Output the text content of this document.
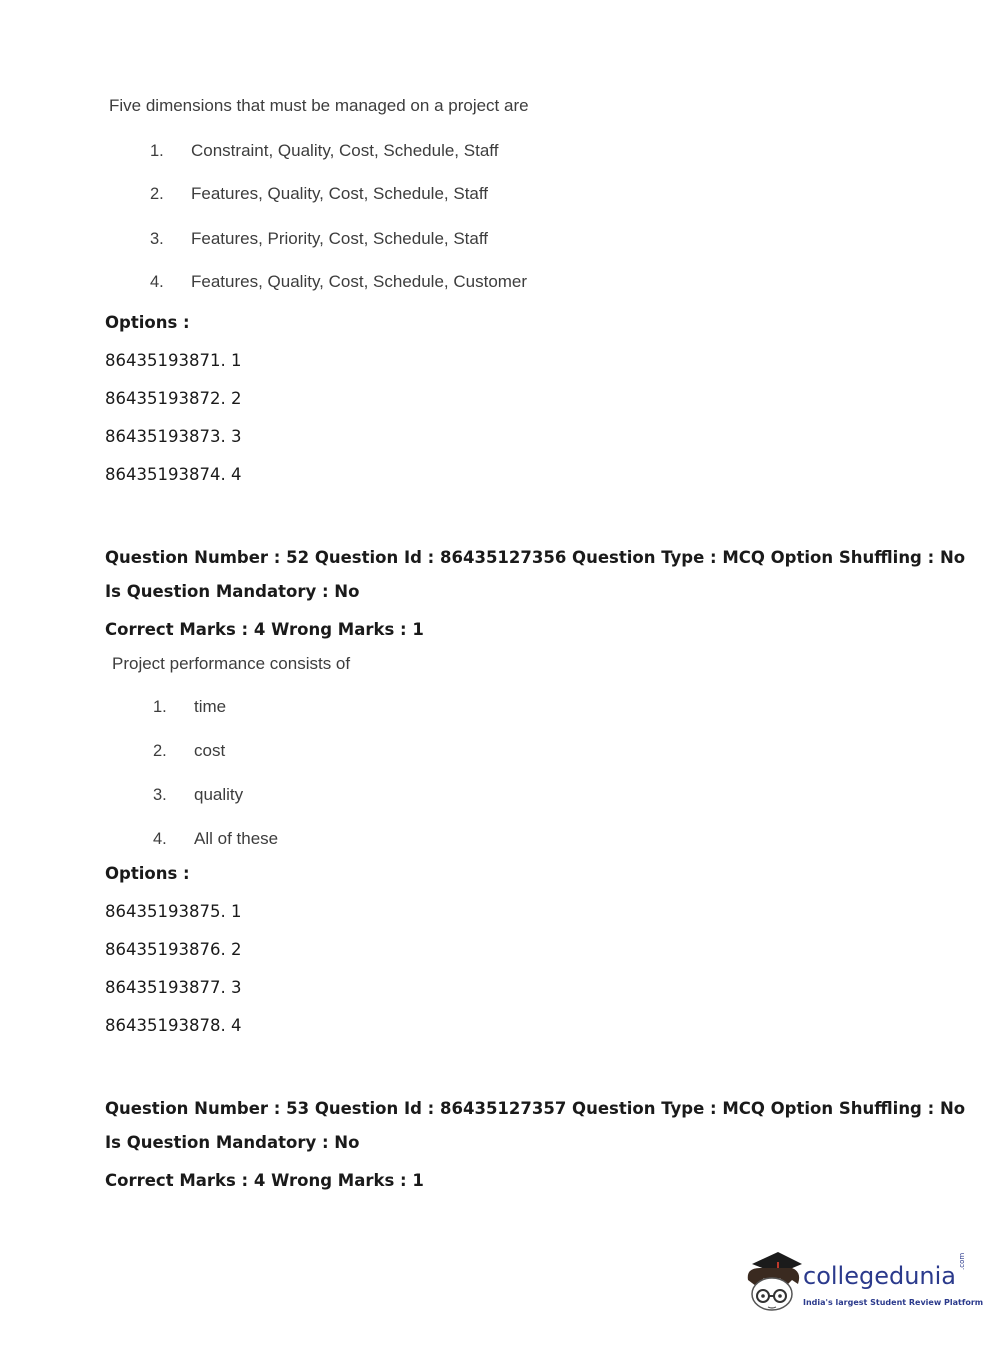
Five dimensions that must be managed on a project are
1. Constraint, Quality, Cost, Schedule, Staff
2. Features, Quality, Cost, Schedule, Staff
3. Features, Priority, Cost, Schedule, Staff
4. Features, Quality, Cost, Schedule, Customer
Options :
86435193871. 1
86435193872. 2
86435193873. 3
86435193874. 4
Question Number : 52 Question Id : 86435127356 Question Type : MCQ Option Shuffling : No
Is Question Mandatory : No
Correct Marks : 4 Wrong Marks : 1
Project performance consists of
1. time
2. cost
3. quality
4. All of these
Options :
86435193875. 1
86435193876. 2
86435193877. 3
86435193878. 4
Question Number : 53 Question Id : 86435127357 Question Type : MCQ Option Shuffling : No
Is Question Mandatory : No
Correct Marks : 4 Wrong Marks : 1
collegedunia
.com
India's largest Student Review Platform
